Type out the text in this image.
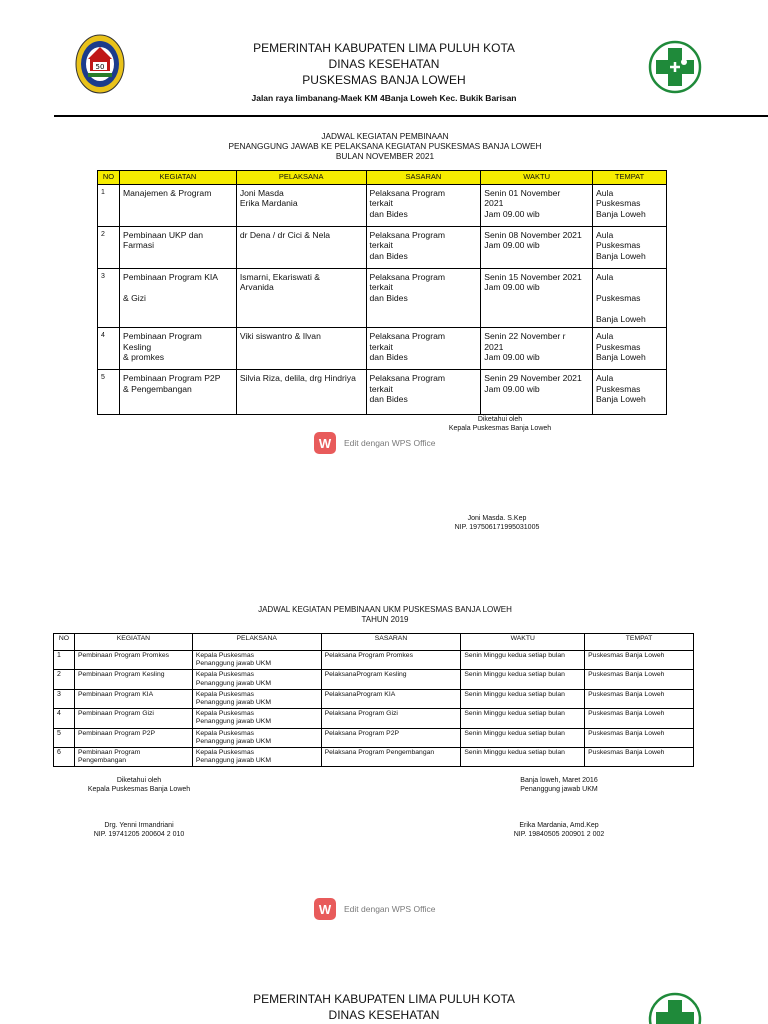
50
PEMERINTAH KABUPATEN LIMA PULUH KOTA
DINAS KESEHATAN
PUSKESMAS BANJA LOWEH
Jalan raya limbanang-Maek KM 4Banja Loweh Kec. Bukik Barisan
JADWAL KEGIATAN PEMBINAAN
PENANGGUNG JAWAB KE PELAKSANA KEGIATAN PUSKESMAS BANJA LOWEH
BULAN NOVEMBER 2021
NO	KEGIATAN	PELAKSANA	SASARAN	WAKTU	TEMPAT
1	Manajemen & Program	Joni Masda
Erika Mardania	Pelaksana Program
terkait
dan Bides	Senin 01 November
2021
Jam 09.00 wib	Aula
Puskesmas
Banja Loweh
2	Pembinaan UKP dan
Farmasi	dr Dena / dr Cici & Nela	Pelaksana Program
terkait
dan Bides	Senin 08 November 2021
Jam 09.00 wib	Aula
Puskesmas
Banja Loweh
3	Pembinaan Program KIA

& Gizi	Ismarni, Ekariswati &
Arvanida	Pelaksana Program
terkait
dan Bides	Senin 15 November 2021
Jam 09.00 wib	Aula

Puskesmas

Banja Loweh
4	Pembinaan Program
Kesling
& promkes	Viki siswantro & Ilvan	Pelaksana Program
terkait
dan Bides	Senin 22 November r
2021
Jam 09.00 wib	Aula
Puskesmas
Banja Loweh
5	Pembinaan Program P2P
& Pengembangan	Silvia Riza, delila, drg Hindriya	Pelaksana Program
terkait
dan Bides	Senin 29 November 2021
Jam 09.00 wib	Aula
Puskesmas
Banja Loweh
Diketahui oleh
Kepala Puskesmas Banja Loweh
W	Edit dengan WPS Office
Joni Masda. S.Kep
NIP. 197506171995031005
JADWAL KEGIATAN PEMBINAAN UKM PUSKESMAS BANJA LOWEH
TAHUN 2019
NO	KEGIATAN	PELAKSANA	SASARAN	WAKTU	TEMPAT
1	Pembinaan Program Promkes	Kepala Puskesmas
Penanggung jawab UKM	Pelaksana Program Promkes	Senin Minggu kedua setiap bulan	Puskesmas Banja Loweh
2	Pembinaan Program Kesling	Kepala Puskesmas
Penanggung jawab UKM	PelaksanaProgram Kesling	Senin Minggu kedua setiap bulan	Puskesmas Banja Loweh
3	Pembinaan Program KIA	Kepala Puskesmas
Penanggung jawab UKM	PelaksanaProgram KIA	Senin Minggu kedua setiap bulan	Puskesmas Banja Loweh
4	Pembinaan Program Gizi	Kepala Puskesmas
Penanggung jawab UKM	Pelaksana Program Gizi	Senin Minggu kedua setiap bulan	Puskesmas Banja Loweh
5	Pembinaan Program P2P	Kepala Puskesmas
Penanggung jawab UKM	Pelaksana Program P2P	Senin Minggu kedua setiap bulan	Puskesmas Banja Loweh
6	Pembinaan Program
Pengembangan	Kepala Puskesmas
Penanggung jawab UKM	Pelaksana Program Pengembangan	Senin Minggu kedua setiap bulan	Puskesmas Banja Loweh
Diketahui oleh
Kepala Puskesmas Banja Loweh
Banja loweh, Maret 2016
Penanggung jawab UKM
Drg. Yenni Irmandriani
NIP. 19741205 200604 2 010
Erika Mardania, Amd.Kep
NIP. 19840505 200901 2 002
W	Edit dengan WPS Office
PEMERINTAH KABUPATEN LIMA PULUH KOTA
DINAS KESEHATAN
